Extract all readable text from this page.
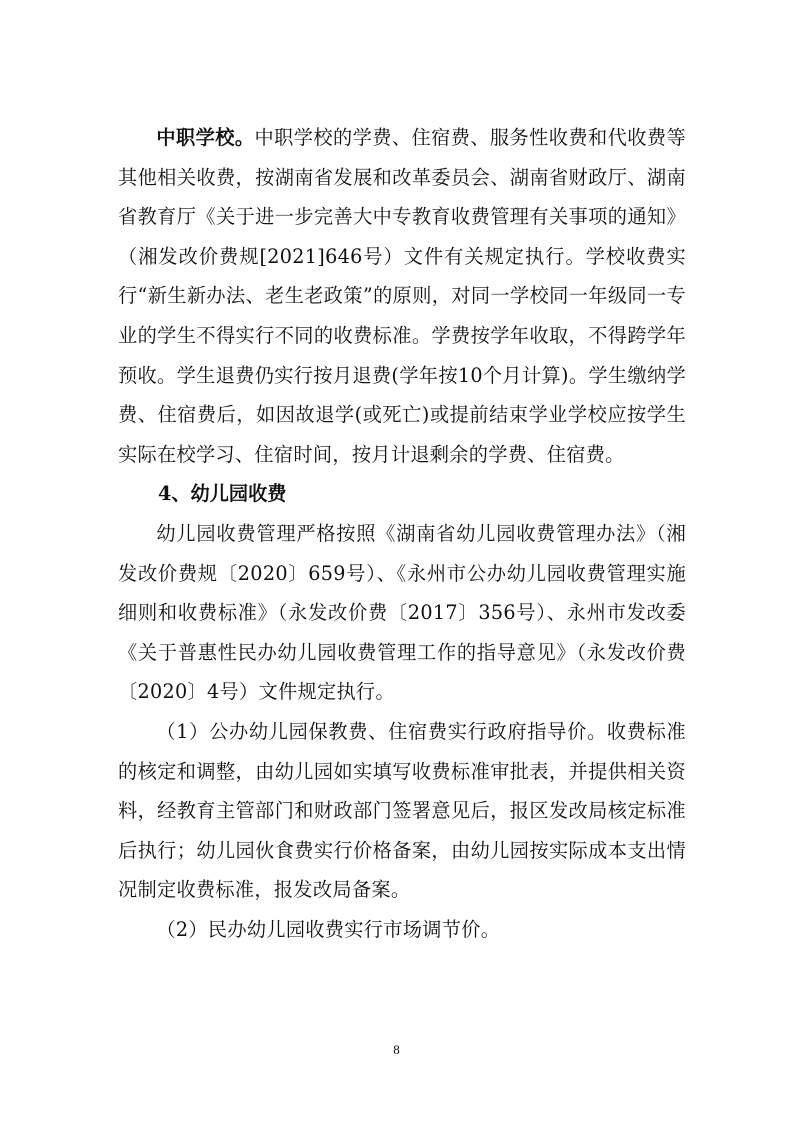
中职学校。中职学校的学费、住宿费、服务性收费和代收费等其他相关收费，按湖南省发展和改革委员会、湖南省财政厅、湖南省教育厅《关于进一步完善大中专教育收费管理有关事项的通知》（湘发改价费规[2021]646号）文件有关规定执行。学校收费实行“新生新办法、老生老政策”的原则，对同一学校同一年级同一专业的学生不得实行不同的收费标准。学费按学年收取，不得跨学年预收。学生退费仍实行按月退费(学年按10个月计算)。学生缴纳学费、住宿费后，如因故退学(或死亡)或提前结束学业学校应按学生实际在校学习、住宿时间，按月计退剩余的学费、住宿费。

4、幼儿园收费

幼儿园收费管理严格按照《湖南省幼儿园收费管理办法》（湘发改价费规〔2020〕659号）、《永州市公办幼儿园收费管理实施细则和收费标准》（永发改价费〔2017〕356号）、永州市发改委《关于普惠性民办幼儿园收费管理工作的指导意见》（永发改价费〔2020〕4号）文件规定执行。

（1）公办幼儿园保教费、住宿费实行政府指导价。收费标准的核定和调整，由幼儿园如实填写收费标准审批表，并提供相关资料，经教育主管部门和财政部门签署意见后，报区发改局核定标准后执行；幼儿园伙食费实行价格备案，由幼儿园按实际成本支出情况制定收费标准，报发改局备案。

（2）民办幼儿园收费实行市场调节价。

8
